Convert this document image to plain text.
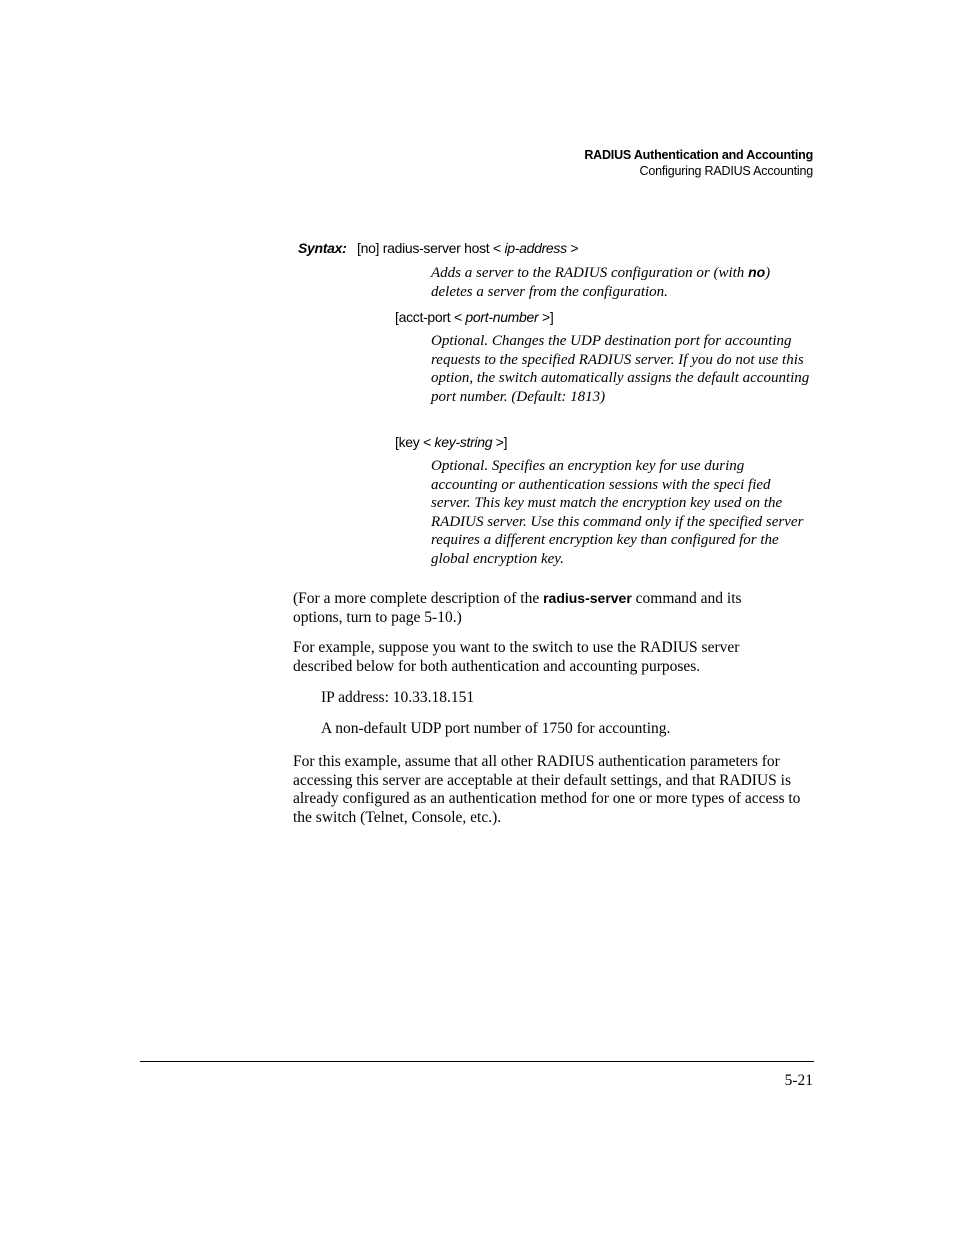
RADIUS Authentication and Accounting
Configuring RADIUS Accounting
Syntax: [no] radius-server host < ip-address >
Adds a server to the RADIUS configuration or (with no) deletes a server from the configuration.
[acct-port < port-number >]
Optional. Changes the UDP destination port for accounting requests to the specified RADIUS server. If you do not use this option, the switch automatically assigns the default accounting port number. (Default: 1813)
[key < key-string >]
Optional. Specifies an encryption key for use during accounting or authentication sessions with the speci fied server. This key must match the encryption key used on the RADIUS server. Use this command only if the specified server requires a different encryption key than configured for the global encryption key.
(For a more complete description of the radius-server command and its options, turn to page 5-10.)
For example, suppose you want to the switch to use the RADIUS server described below for both authentication and accounting purposes.
IP address: 10.33.18.151
A non-default UDP port number of 1750 for accounting.
For this example, assume that all other RADIUS authentication parameters for accessing this server are acceptable at their default settings, and that RADIUS is already configured as an authentication method for one or more types of access to the switch (Telnet, Console, etc.).
5-21
